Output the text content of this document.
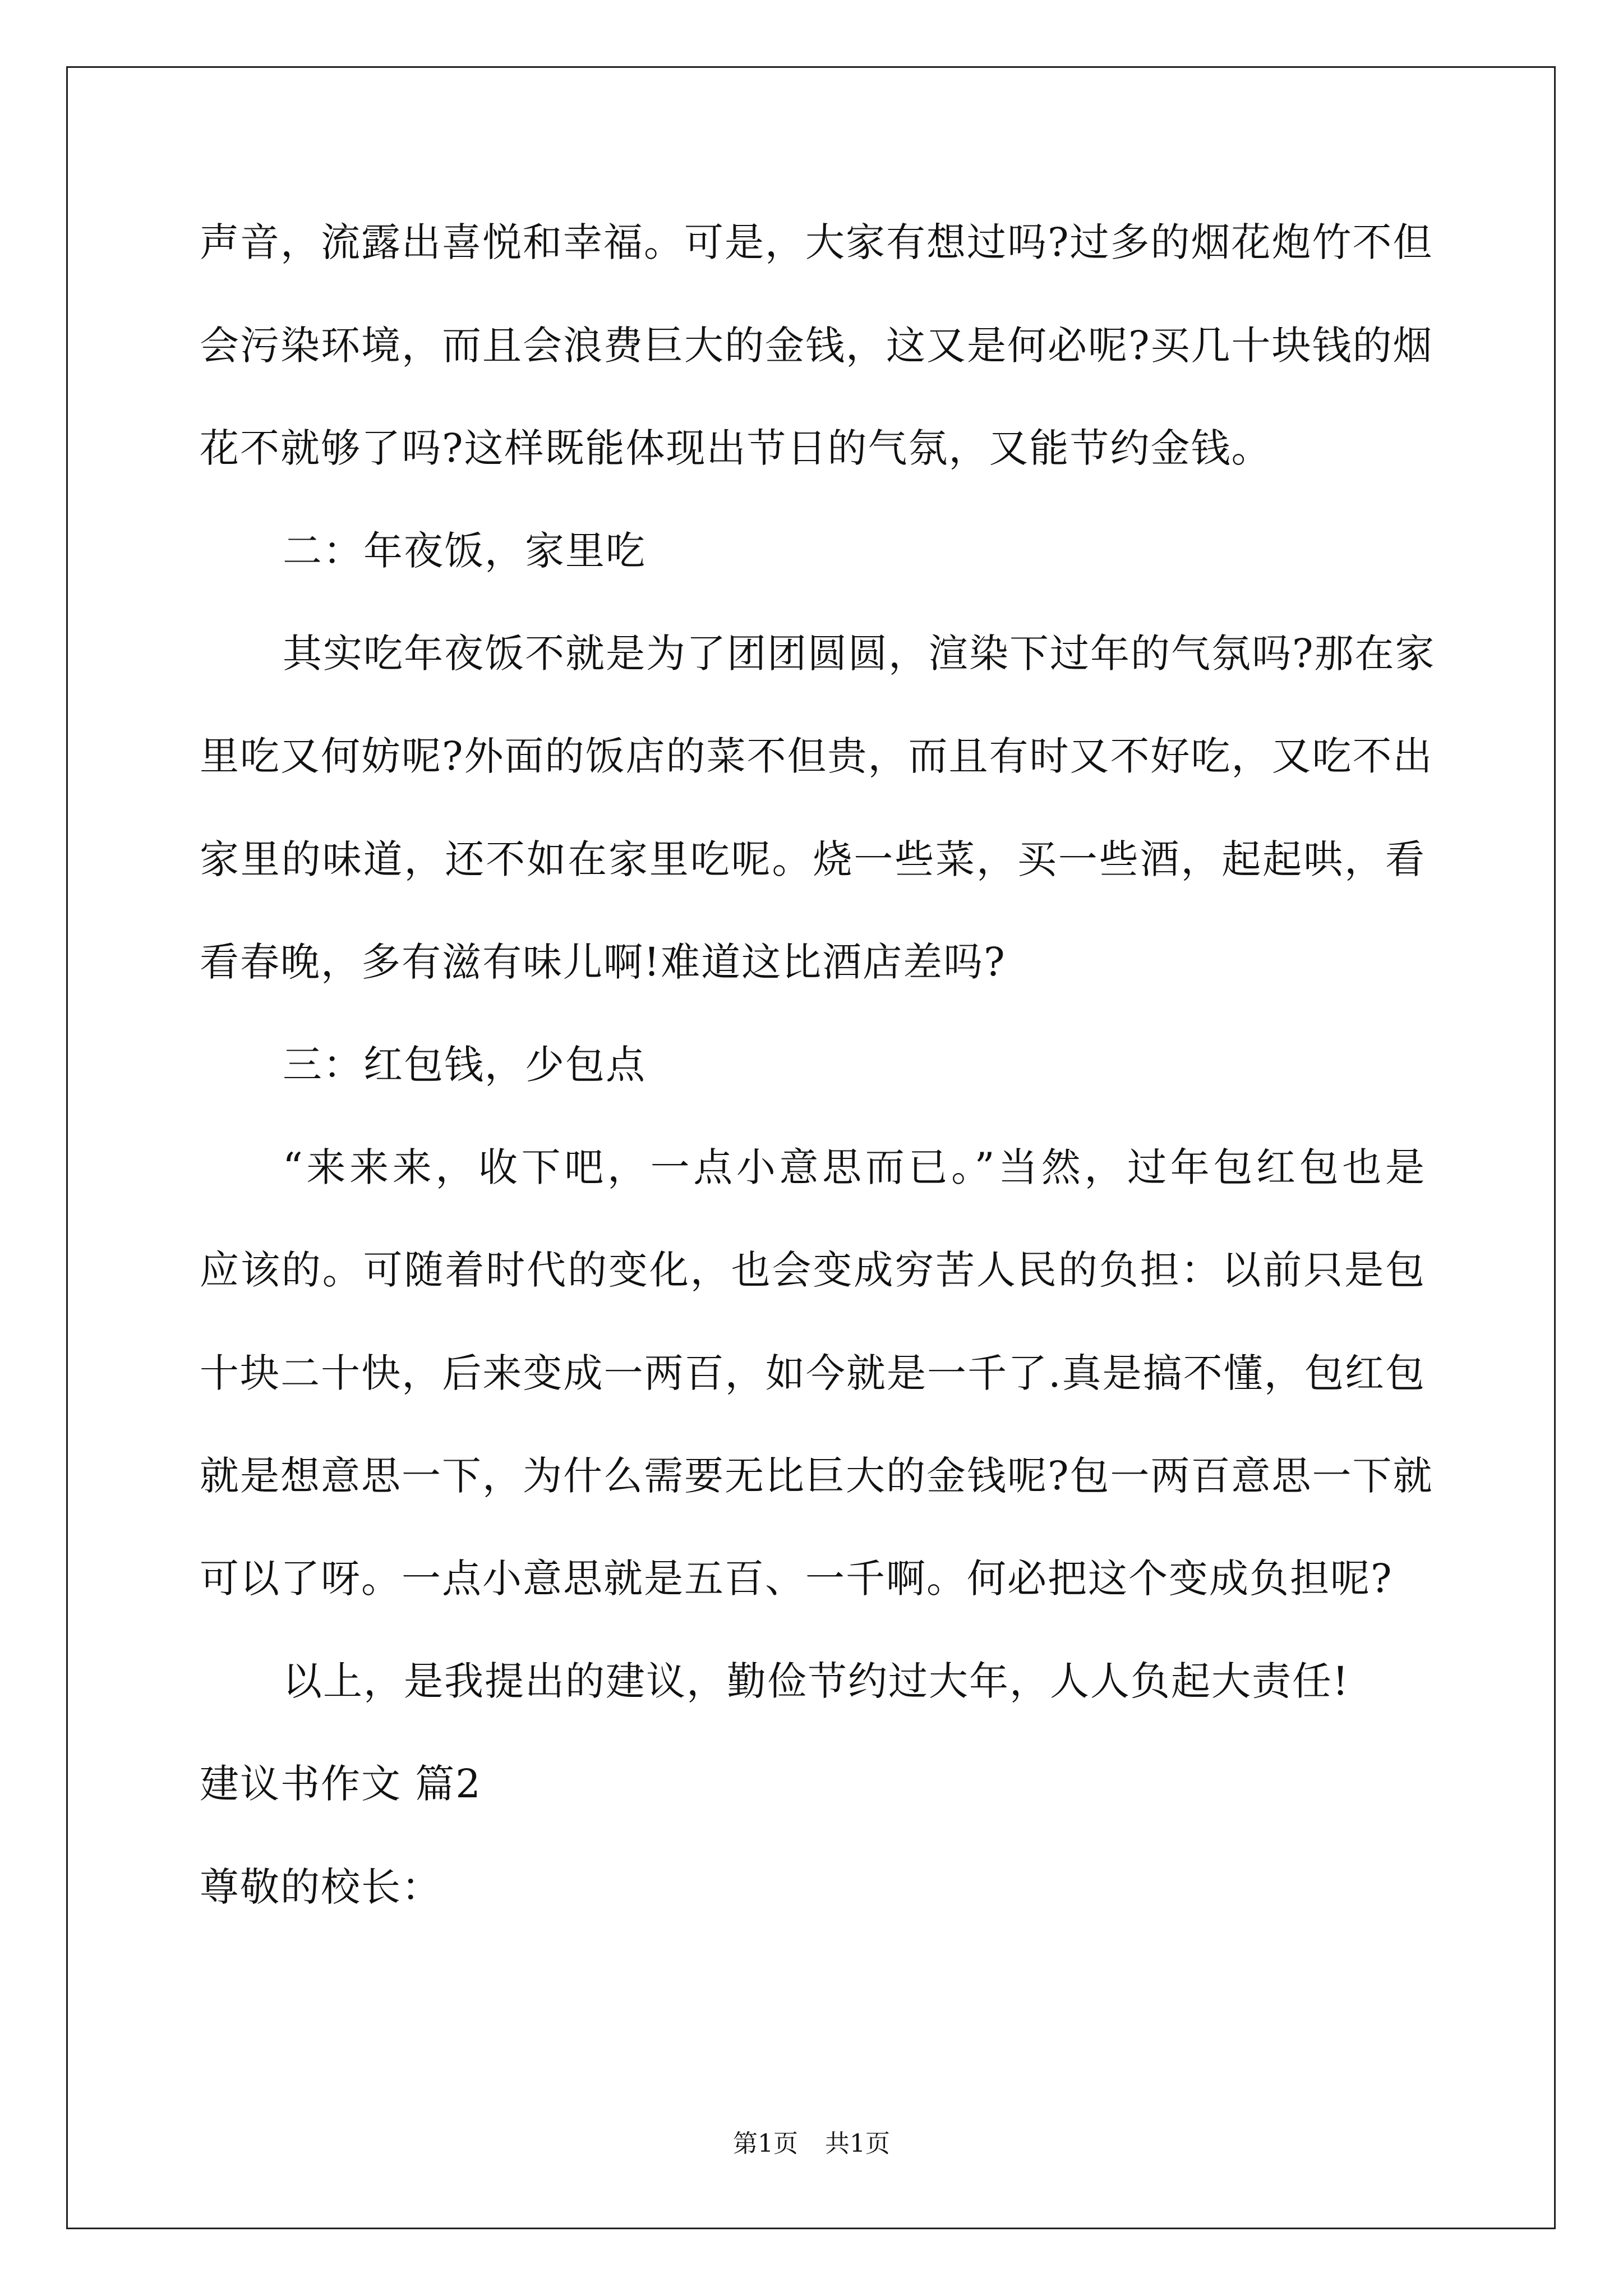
声音，流露出喜悦和幸福。可是，大家有想过吗?过多的烟花炮竹不但
会污染环境，而且会浪费巨大的金钱，这又是何必呢?买几十块钱的烟
花不就够了吗?这样既能体现出节日的气氛，又能节约金钱。
二：年夜饭，家里吃
其实吃年夜饭不就是为了团团圆圆，渲染下过年的气氛吗?那在家
里吃又何妨呢?外面的饭店的菜不但贵，而且有时又不好吃，又吃不出
家里的味道，还不如在家里吃呢。烧一些菜，买一些酒，起起哄，看
看春晚，多有滋有味儿啊!难道这比酒店差吗?
三：红包钱，少包点
“来来来，收下吧，一点小意思而已。”当然，过年包红包也是
应该的。可随着时代的变化，也会变成穷苦人民的负担：以前只是包
十块二十快，后来变成一两百，如今就是一千了.真是搞不懂，包红包
就是想意思一下，为什么需要无比巨大的金钱呢?包一两百意思一下就
可以了呀。一点小意思就是五百、一千啊。何必把这个变成负担呢?
以上，是我提出的建议，勤俭节约过大年，人人负起大责任!
建议书作文 篇2
尊敬的校长：
第1页 共1页
